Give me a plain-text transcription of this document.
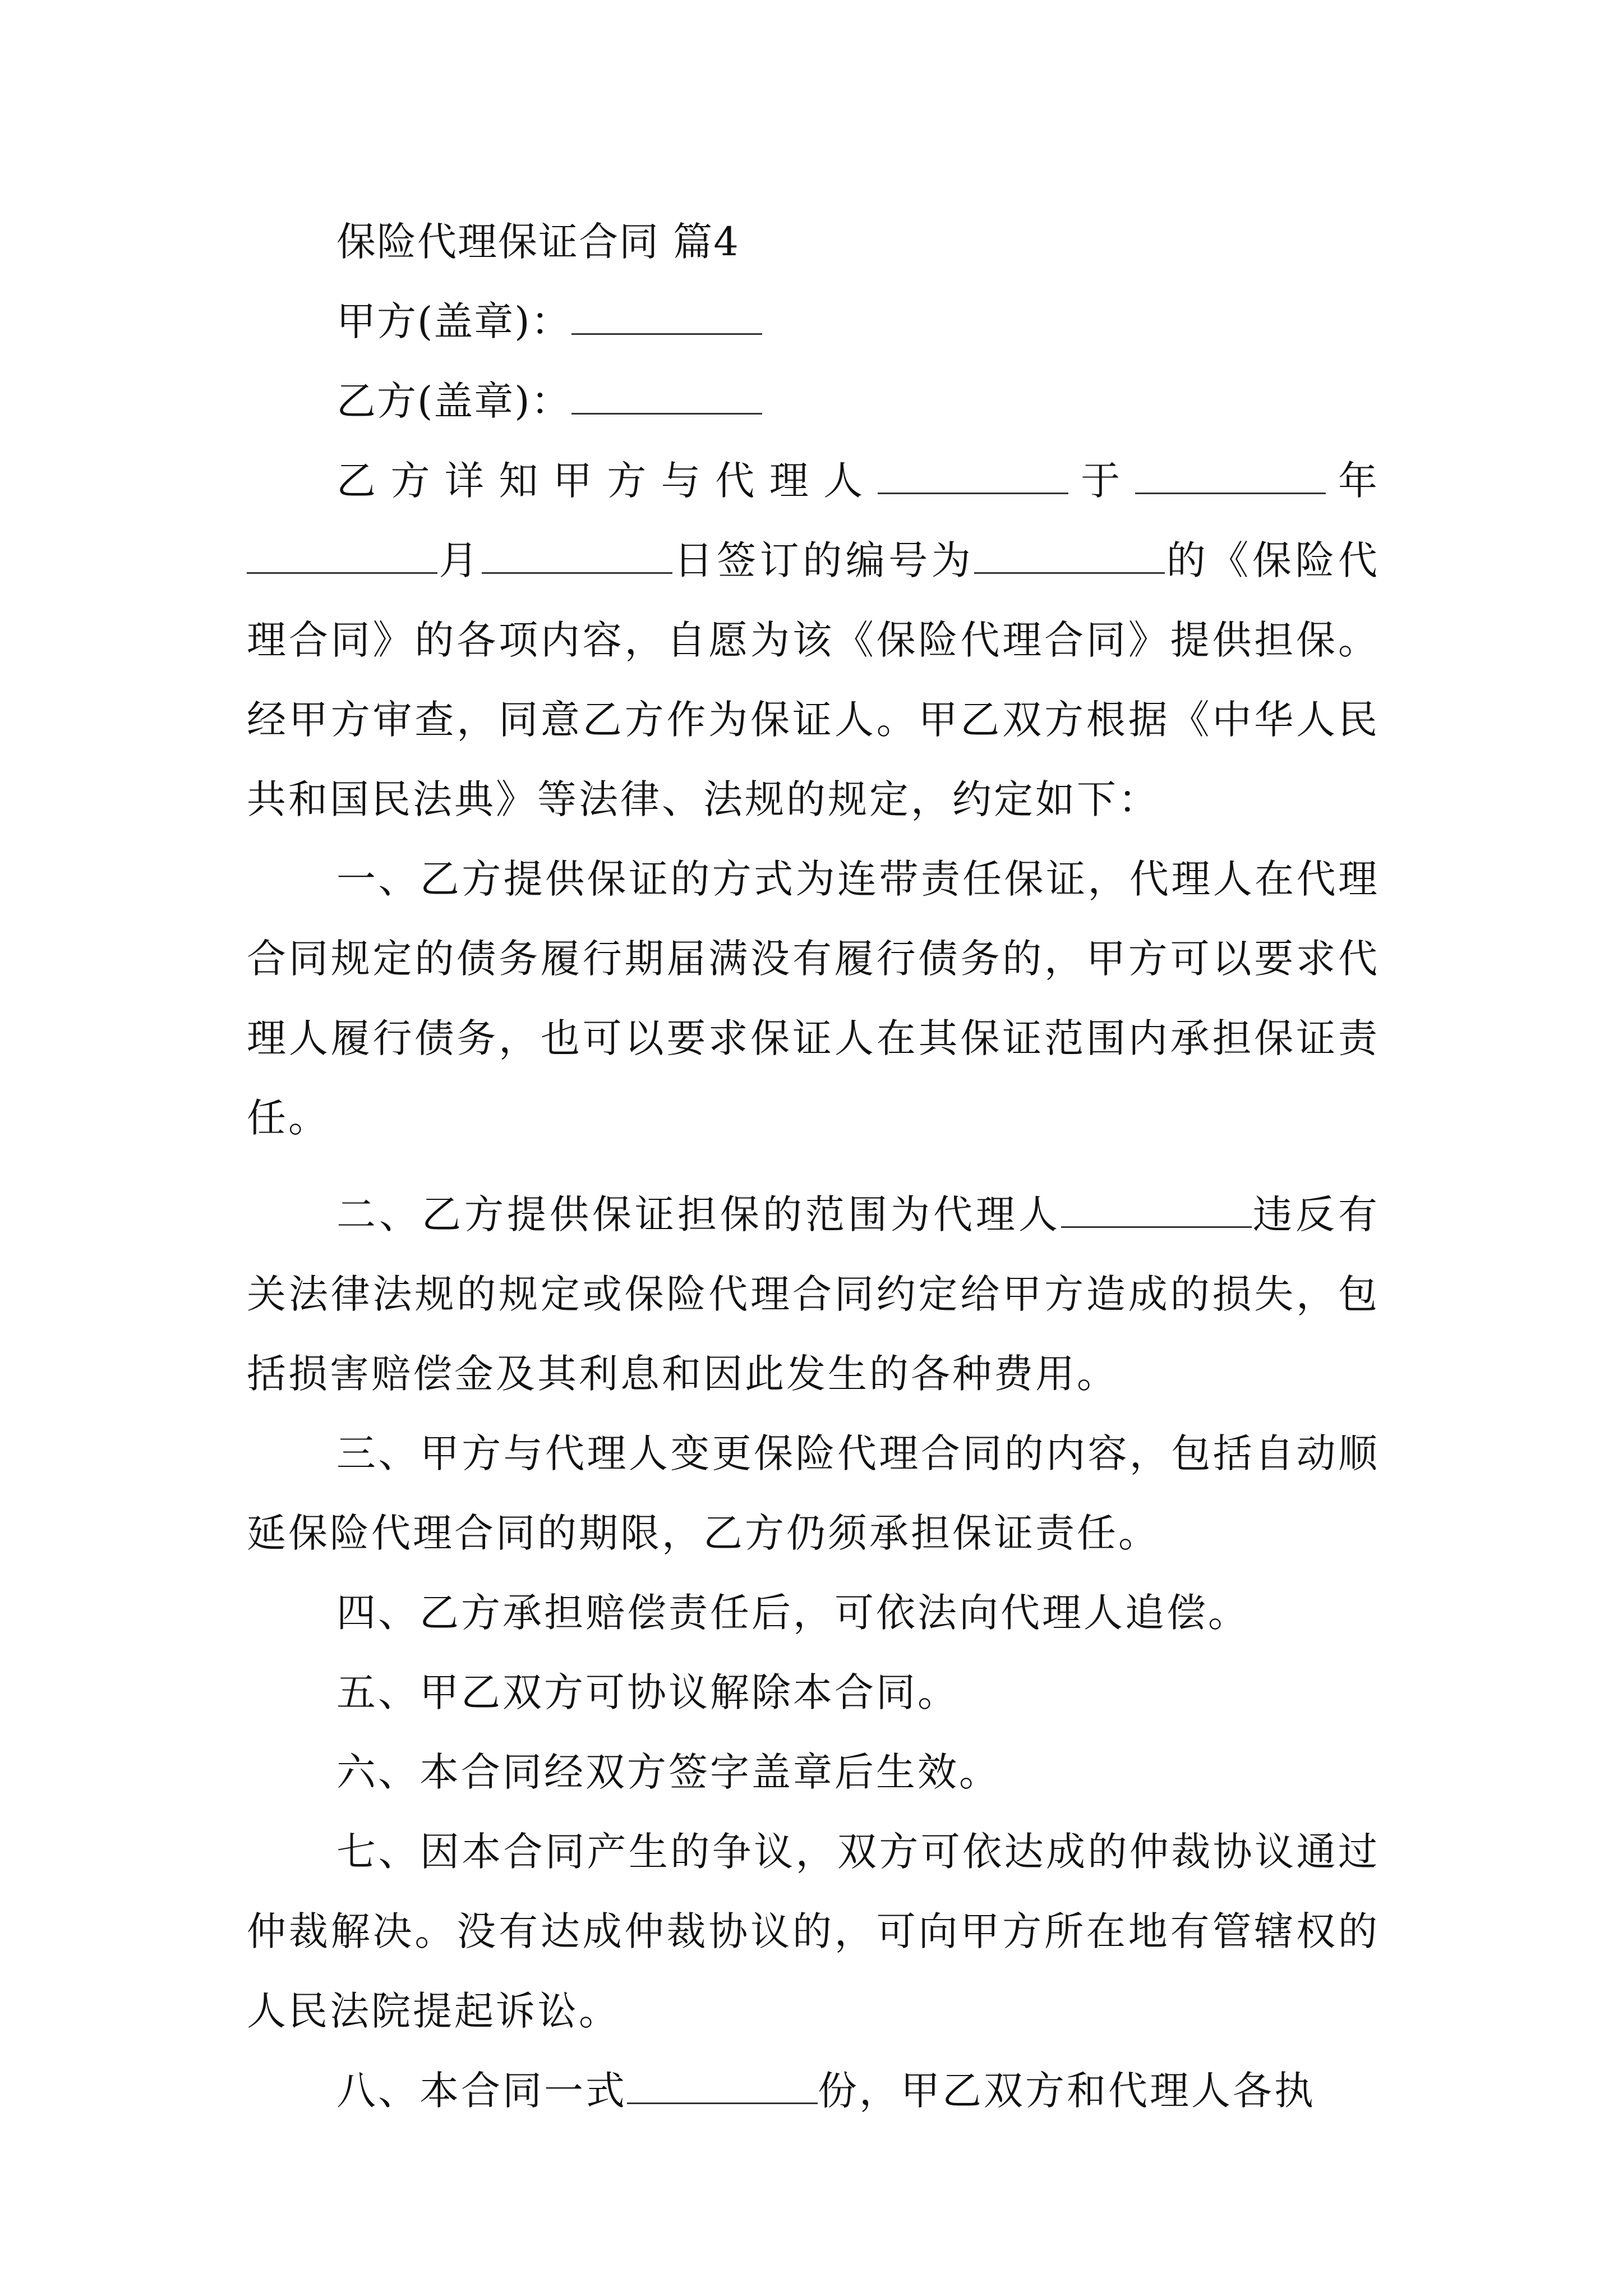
保险代理保证合同 篇4
甲方(盖章)：
乙方(盖章)：

乙方详知甲方与代理人	于	年月	日签订的编号为	的《保险代理合同》的各项内容，自愿为该《保险代理合同》提供担保。经甲方审查，同意乙方作为保证人。甲乙双方根据《中华人民共和国民法典》等法律、法规的规定，约定如下：

一、乙方提供保证的方式为连带责任保证，代理人在代理合同规定的债务履行期届满没有履行债务的，甲方可以要求代理人履行债务，也可以要求保证人在其保证范围内承担保证责任。

二、乙方提供保证担保的范围为代理人	违反有关法律法规的规定或保险代理合同约定给甲方造成的损失，包括损害赔偿金及其利息和因此发生的各种费用。

三、甲方与代理人变更保险代理合同的内容，包括自动顺延保险代理合同的期限，乙方仍须承担保证责任。

四、乙方承担赔偿责任后，可依法向代理人追偿。

五、甲乙双方可协议解除本合同。

六、本合同经双方签字盖章后生效。

七、因本合同产生的争议，双方可依达成的仲裁协议通过仲裁解决。没有达成仲裁协议的，可向甲方所在地有管辖权的人民法院提起诉讼。

八、本合同一式	份，甲乙双方和代理人各执
